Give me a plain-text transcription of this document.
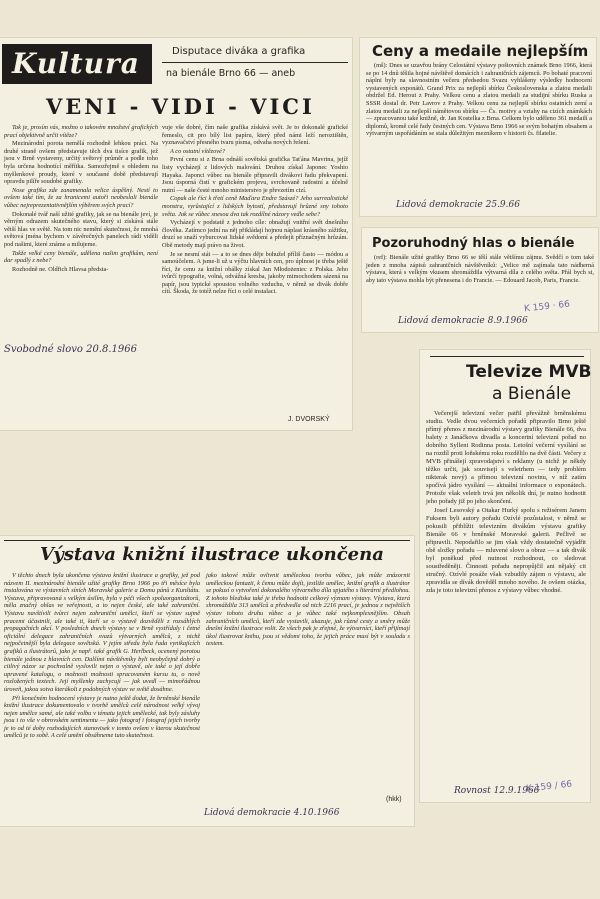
Kultura	Disputace diváka a grafika
na bienále Brno 66 — aneb
VENI - VIDI - VICI

Tak je, prosím vás, možno o takovém množství grafických prací objektivně určit vítěze?

Mezinárodní porota nemělá rozhodně lehkou práci. Na druhé straně ovšem představuje těch dva tisíce grafik, jež jsou v Brně vystaveny, určitý světový průměr a podle toho byla určena hodnotící měřítka. Samozřejmě s ohledem na myšlenkové proudy, které v současné době představují opravdu pilíře soudobé grafiky.

Nose grafika zde zanamenala velice úspěšný. Nestí to ovšem také tím, že za hranicemi autoři neobeslali bienále vůbec nejreprezentativnějším výběrem svých prací?

Dokonalé tvář naší užité grafiky, jak se na bienále jeví, je věrným odrazem skutečného stavu, který si získává stále větší hlas ve světě. Na tom nic nemění skutečnost, že mnohá světová jména bychom v závěrečných panelech rádi viděli pod našimi, které známe a milujeme.

Takže velké ceny bienále, udělena našim grafikům, není dar spadlý z nebe?

Rozhodně ne. Oldřich Hlavsa předsta-

Svobodné slovo 20.8.1966

vuje vše dobré, čím naše grafika získává svět. Je to dokonalé grafické řemeslo, cit pro bílý list papíru, který před námi leží neroztištěn, vyznavačství přesného tvaru písma, odvaha nových řešení.

A co ostatní vítězové?

První cenu si z Brna odnáší sovětská grafička Taťána Mavrina, jejíž listy vycházejí z lidových malování. Druhou získal Japonec Yoshio Hayaka. Japonci vůbec na bienále připravili divákovi řadu překvapení. Jsou úsporná čistí v grafickém projevu, svrchovaně radostní a účelně nutní — naše česté mnoho ministerstvo je převzetím cizí.

Copak ale říci k třetí ceně Maďara Endre Szászé? Jeho surrealistické monstra, vyrůstající z lidských bytostí, představují hrůzné sny tohoto světa. Jak se vůbec snesou dva tak rozdílné názory vedle sebe?

Vycházejí v podstatě z jednoho cíle: obnažují vnitřní svět dnešního člověka. Zatímco jední na něj přikládají hojnou náplast krásného zážitku, druzí se snaží vyburcovat lidské svědomí a předejít příznačným hrůzám. Obě metody mají právo na život.

Je se nesmí stát — a to se dnes děje bohužel příliš často — módou a samoúčelem. A jsme-li už u výčtu hlavních cen, pro úplnost je třeba ještě říci, že cenu za knižní obálky získal Jan Młodożeniec z Polska. Jeho tvůrčí typografie, volná, odvážná kresba, jakoby mimochodem sázená na papír, jsou typické spoustou volného vzduchu, v němž se divák dobře cítí. Škoda, že totéž nelze říci o celé instalaci.

J. DVORSKÝ
Ceny a medaile nejlepším
(mš): Dnes se uzavřou brány Celostátní výstavy poštovních známek Brno 1966, která se po 14 dnů těšila hojné návštěvě domácích i zahraničních zájemců. Po bohaté pracovní náplni byly na slavnostním večeru předsedou Svazu vyhlášeny výsledky hodnocení vystavených exponátů. Grand Prix za nejlepší sbírku Československa a zlatou medaili obdržel Ed. Herout z Prahy. Velkou cenu a zlatou medaili za studijní sbírku Ruska a SSSR dostal dr. Petr Lavrov z Prahy. Velkou cenu za nejlepší sbírku ostatních zemí a zlatou medaili za nejlepší námětovou sbírku — Čs. motivy a vztahy na cizích známkách — zpracovanou také knižně, dr. Jan Kostelka z Brna. Celkem bylo uděleno 361 medailí a diplomů, kromě celé řady čestných cen. Výstava Brno 1966 se svým bohatým obsahem a výtvarným uspořádáním se stala důležitým mezníkem v historii čs. filatelie.
Lidová demokracie 25.9.66
Pozoruhodný hlas o bienále
(ref): Bienále užité grafiky Brno 66 se těší stále většímu zájmu. Svědčí o tom také jeden z mnoha zápisů zahraničních návštěvníků: „Velice mě zajímala tato nádherná výstava, která s velkým vkusem shromáždila výtvarná díla z celého světa. Přál bych si, aby tato výstava mohla být přenesena i do Francie. — Edouard Jacob, Paris, Francie.
K 159 · 66
Lidová demokracie 8.9.1966
Televize MVB
a Bienále

Večerejší televizní večer patřil převážně brněnskému studiu. Vedle dvou večerních pořadů připravilo Brno ještě přímý přenos z mezinárodní výstavy grafiky Bienále 66, dva balety z Janáčkova divadla a koncertní televizní pořad no dobrého Sylleni Rodinna posta. Letošní večerní vysílání se na rozdíl proti loňskému roku rozdělilo na dvě části. Večery z MVB přinášejí zpravodajství s reklamy (u nichž je někdy těžko určit, jak souvisejí s veletrhem — tedy problém nikterak nový) a přímou televizní novinu, v níž zatím spočívá jádro vysílání — aktuální informace o exponátech. Protože však veletrh trvá jen několik dní, je nutno hodnotit jeho pořady již po jeho skončení.

Josef Lesovský a Otakar Hurký spolu s režisérem Janem Fuksem byli autory pořadu Ozívlé pozůstalost, v němž se pokusili přiblížit televizním divákům výstavu grafiky Bienále 66 v brněnské Moravské galerii. Pečlivě se připravili. Nepodařilo se jim však vždy dostatečně vyjádřit obě složky pořadu — mluvené slovo a obraz — a tak divák byl poněkud před nutnost rozhodnout, co sledovat soustředěněji. Činnosti pořadu nepropůjčil ani nějaký cit stručný. Ozívlé posáže však vzbudily zájem o výstavu, ale zpravidla se dívák dověděl mnoho nového. Je ovšem otázka, zda je toto televizní přenos z výstavy vůbec vhodné.

K 159 / 66
Rovnost 12.9.1966
Výstava knižní ilustrace ukončena

V těchto dnech byla ukončena výstava knižní ilustrace a grafiky, jež pod názvem II. mezinárodní bienále užité grafiky Brno 1966 po tři měsíce byla instalována ve výstavních síních Moravské galerie a Domu pánů z Kunštátu. Výstava, připravovaná s velkým úsilím, byla v péči všech spoluorganizátorů, měla značný ohlas ve veřejnosti, a to nejen české, ale také zahraniční. Výstavu navštívili tvůrci nejen zahraniční umělci, kteří se výstav sujmě pracemi účastnili, ale také ti, kteří se o výstavě dozvěděli z rozsáhlých propagačních akcí. V posledních dnech výstavy se v Brně vystřídaly i četné oficiální delegace zahraničních svazů výtvarných umělců, z nichž nejpočetnější byla delegace sovětská. V jejím středu byla řada vynikajících grafiků a ilustrátorů, jako je např. také grafik G. Herlbeck, ocenený porotou bienále jednou z hlavních cen. Dalšími návštěvníky byli neobyčejně dobrý a citlivý názor se pochvalně vyslovili nejen o výstavě, ale také o její dobře upravené katalogu, o možnosti možnosti spracovaném kursu tu, o nově rozložených textech. Její myšlenky zachycují — jak uvedl — mimořádnou úroveň, jakou sotva kterákoli z podobných výstav ve světě dosáhne.

Při konečném hodnocení výstavy je nutno ještě dodat, že brněnské bienále knižní ilustrace dokumentovalo v tvorbě umělců celé národnost velký vývoj nejen umělce samé, ale také volbu v tématu jejich umělecké, tak byly zásluhy jsou i to vše v obrovském sentimentu — jako fotograf i fotograf jejich tvorby je to od té doby rozhodujících stanovisek v tomto ovšem v kterou skutečnost umělců je to sobě. A celé umění obsáhneme tuto skutečnost.

jako takové může ovlivnit uměleckou tvorbu vůbec, jak může znázornit uměleckou fantazii, k čemu může dojít, jestliže umělec, knižní grafik a ilustrátor se pokusí o vytvoření dokonalého výtvarného díla spjatého s literární předlohou. Z tohoto hlediska také je třeba hodnotit celkový význam výstavy. Výstava, která shromáždila 313 umělců a předvedla od nich 2216 prací, je jednou z největších výstav tohoto druhu vůbec a je vůbec také nejkomplexnějším. Obsah zahraničních umělců, kteří zde vystavili, ukazuje, jak různé cesty a směry může dnešní knižní ilustrace volit. Ze všech pak je zřejmé, že výtvarníci, kteří přijímají úkol ilustrovat knihu, jsou si vědomi toho, že jejich práce musí být v souladu s textem.

(hkk)
Lidová demokracie 4.10.1966
